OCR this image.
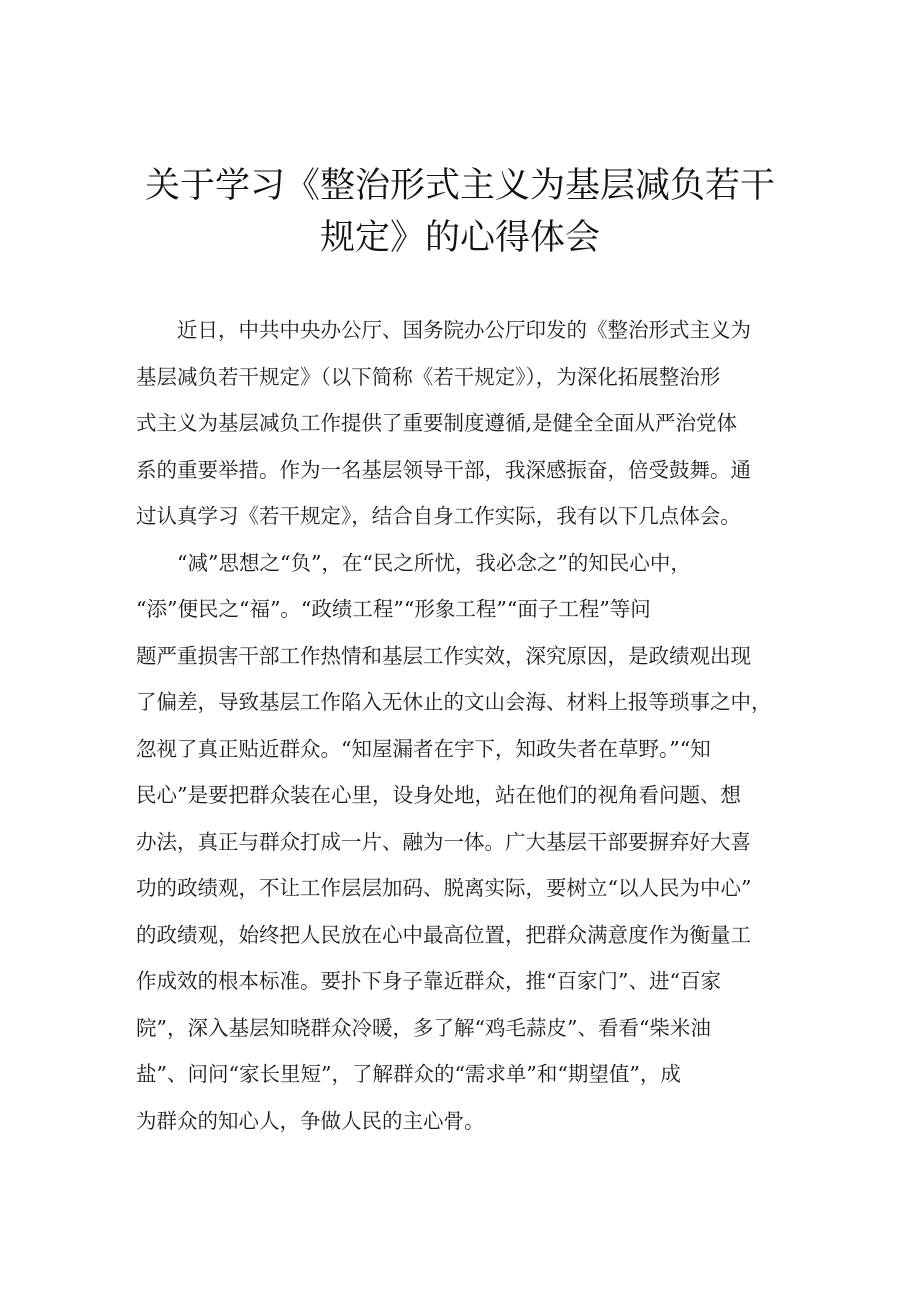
关于学习《整治形式主义为基层减负若干
规定》的心得体会
　　近日，中共中央办公厅、国务院办公厅印发的《整治形式主义为
基层减负若干规定》（以下简称《若干规定》），为深化拓展整治形
式主义为基层减负工作提供了重要制度遵循,是健全全面从严治党体
系的重要举措。作为一名基层领导干部，我深感振奋，倍受鼓舞。通
过认真学习《若干规定》，结合自身工作实际，我有以下几点体会。
　　“减”思想之“负”，在“民之所忧，我必念之”的知民心中，
“添”便民之“福”。“政绩工程”“形象工程”“面子工程”等问
题严重损害干部工作热情和基层工作实效，深究原因，是政绩观出现
了偏差，导致基层工作陷入无休止的文山会海、材料上报等琐事之中，
忽视了真正贴近群众。“知屋漏者在宇下，知政失者在草野。”“知
民心”是要把群众装在心里，设身处地，站在他们的视角看问题、想
办法，真正与群众打成一片、融为一体。广大基层干部要摒弃好大喜
功的政绩观，不让工作层层加码、脱离实际，要树立“以人民为中心”
的政绩观，始终把人民放在心中最高位置，把群众满意度作为衡量工
作成效的根本标准。要扑下身子靠近群众，推“百家门”、进“百家
院”，深入基层知晓群众冷暖，多了解“鸡毛蒜皮”、看看“柴米油
盐”、问问“家长里短”，了解群众的“需求单”和“期望值”，成
为群众的知心人，争做人民的主心骨。
